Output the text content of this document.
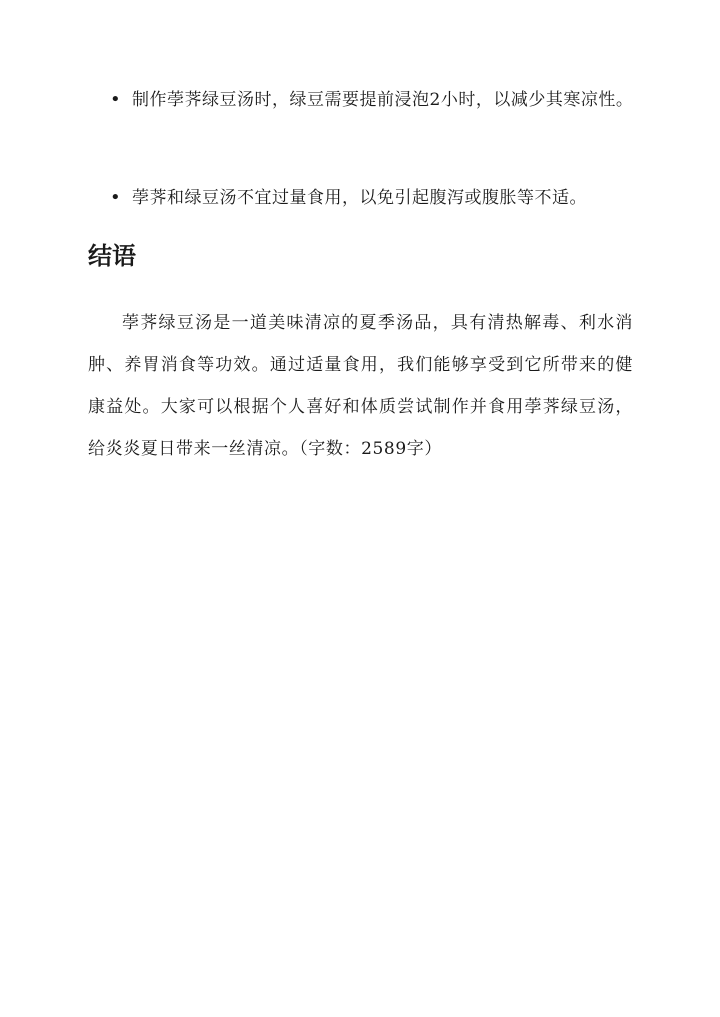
• 制作荸荠绿豆汤时，绿豆需要提前浸泡2小时，以减少其寒凉性。
• 荸荠和绿豆汤不宜过量食用，以免引起腹泻或腹胀等不适。
结语

荸荠绿豆汤是一道美味清凉的夏季汤品，具有清热解毒、利水消肿、养胃消食等功效。通过适量食用，我们能够享受到它所带来的健康益处。大家可以根据个人喜好和体质尝试制作并食用荸荠绿豆汤，给炎炎夏日带来一丝清凉。（字数：2589字）
